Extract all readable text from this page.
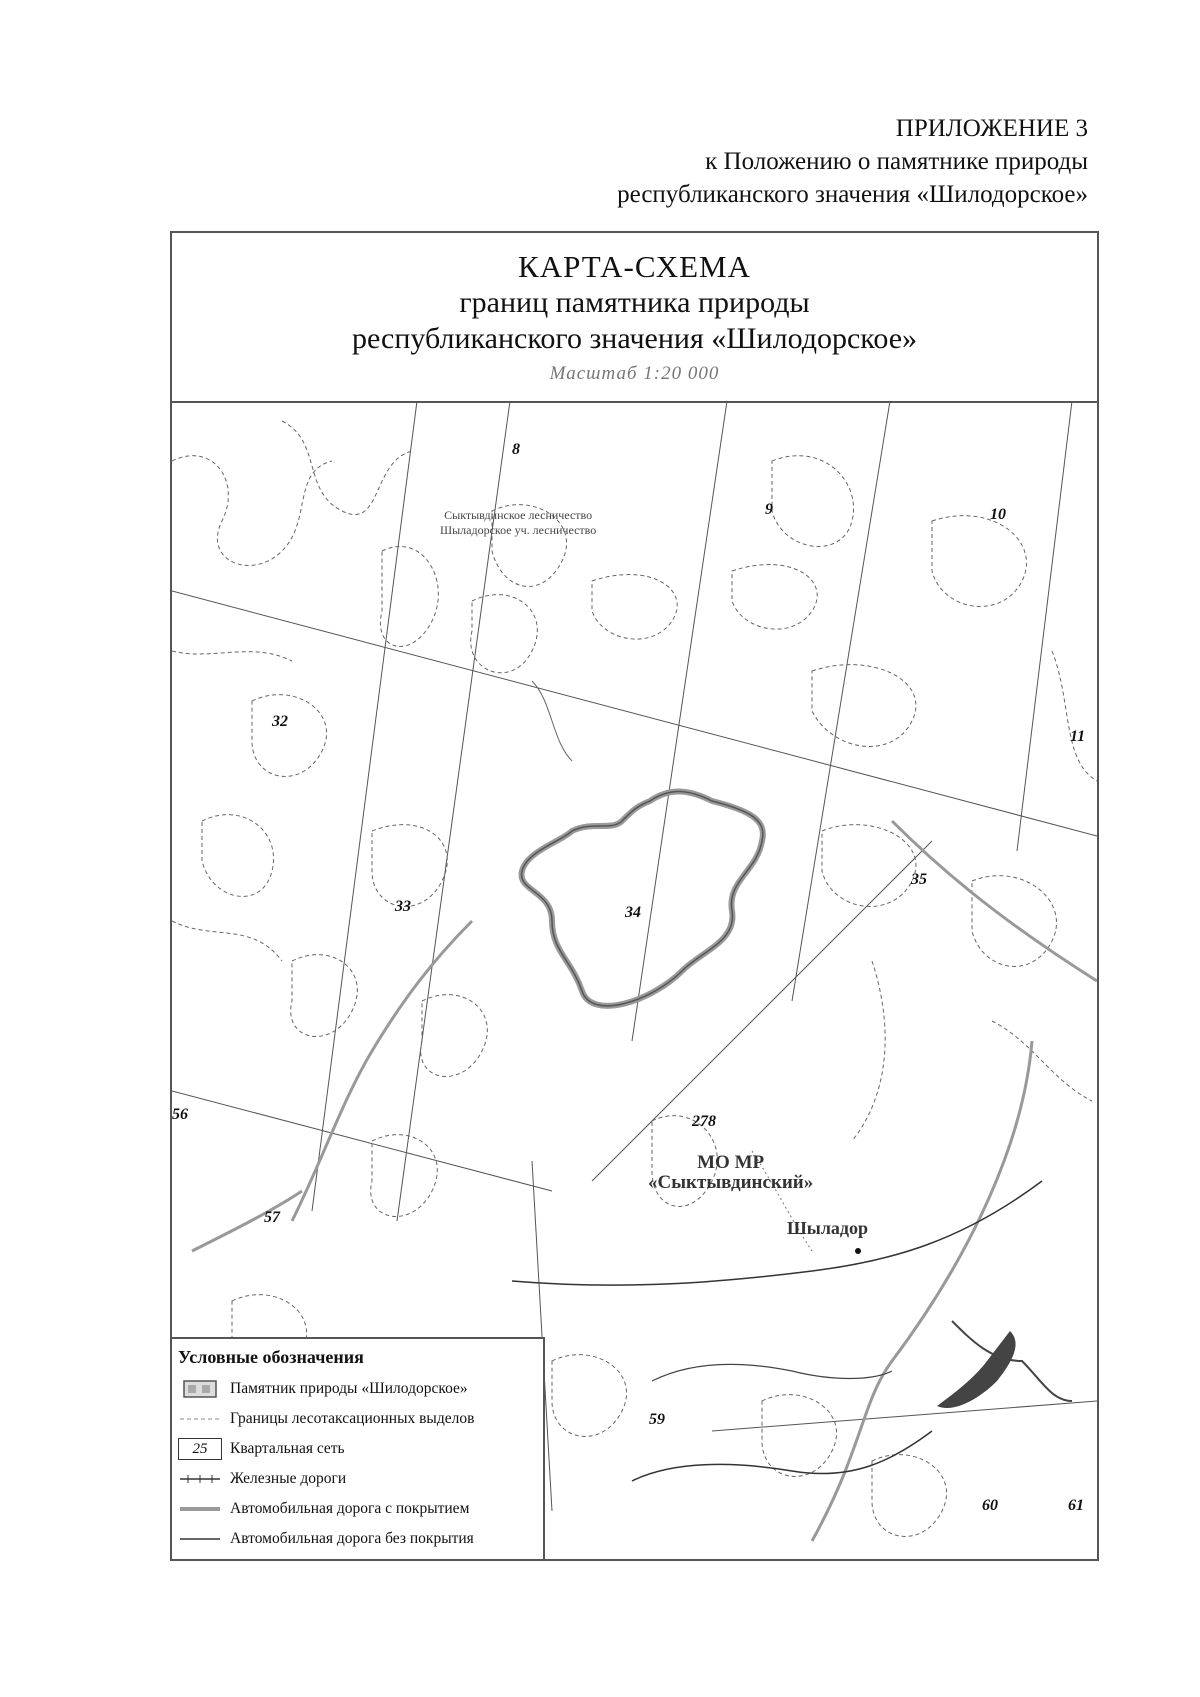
ПРИЛОЖЕНИЕ 3
к Положению о памятнике природы
республиканского значения «Шилодорское»
КАРТА-СХЕМА
границ памятника природы
республиканского значения «Шилодорское»
Масштаб 1:20 000
Сыктывдинское лесничество
Шыладорское уч. лесничество
МО МР
«Сыктывдинский»
Шыладор
8
9	10
11
32
33	34
35
56
57
59
60	61
278
Условные обозначения
Памятник природы «Шилодорское»
Границы лесотаксационных выделов
25	Квартальная сеть
Железные дороги
Автомобильная дорога с покрытием
Автомобильная дорога без покрытия
